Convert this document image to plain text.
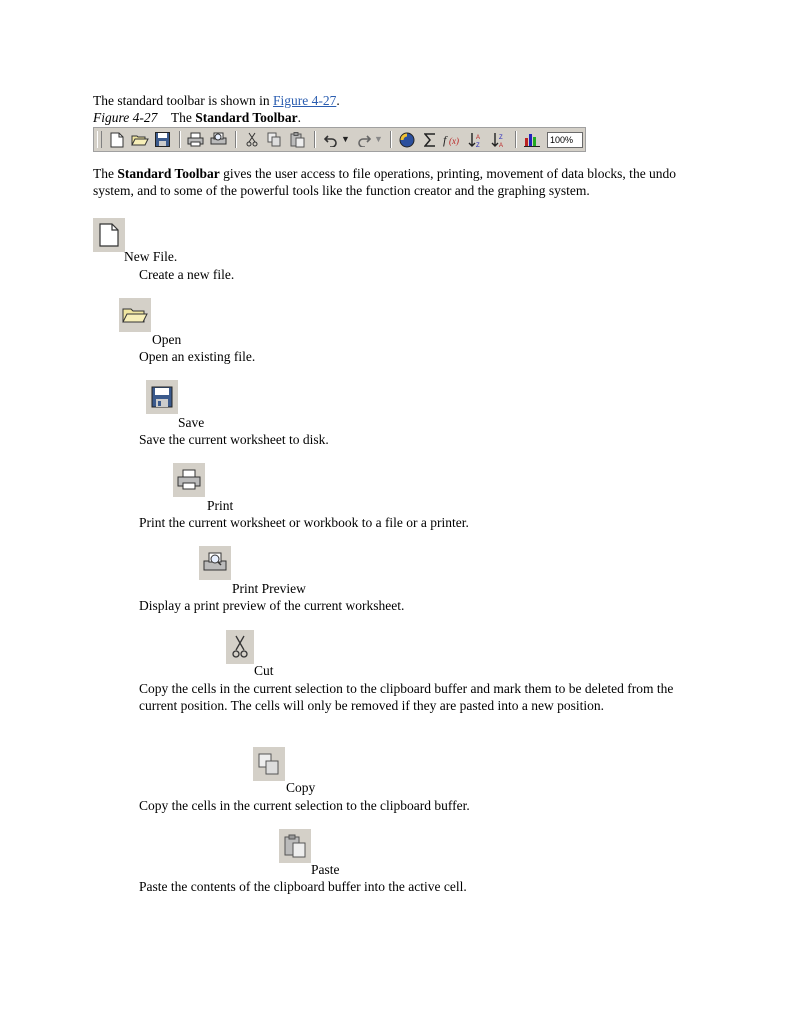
The standard toolbar is shown in Figure 4-27.
Figure 4-27 The Standard Toolbar.
▼	▼	f (x)	A
Z
Z
A
100%
The Standard Toolbar gives the user access to file operations, printing, movement of data blocks, the undo system, and to some of the powerful tools like the function creator and the graphing system.
New File.
Create a new file.
Open
Open an existing file.
Save
Save the current worksheet to disk.
Print
Print the current worksheet or workbook to a file or a printer.
Print Preview
Display a print preview of the current worksheet.
Cut
Copy the cells in the current selection to the clipboard buffer and mark them to be deleted from the current position. The cells will only be removed if they are pasted into a new position.
Copy
Copy the cells in the current selection to the clipboard buffer.
Paste
Paste the contents of the clipboard buffer into the active cell.
